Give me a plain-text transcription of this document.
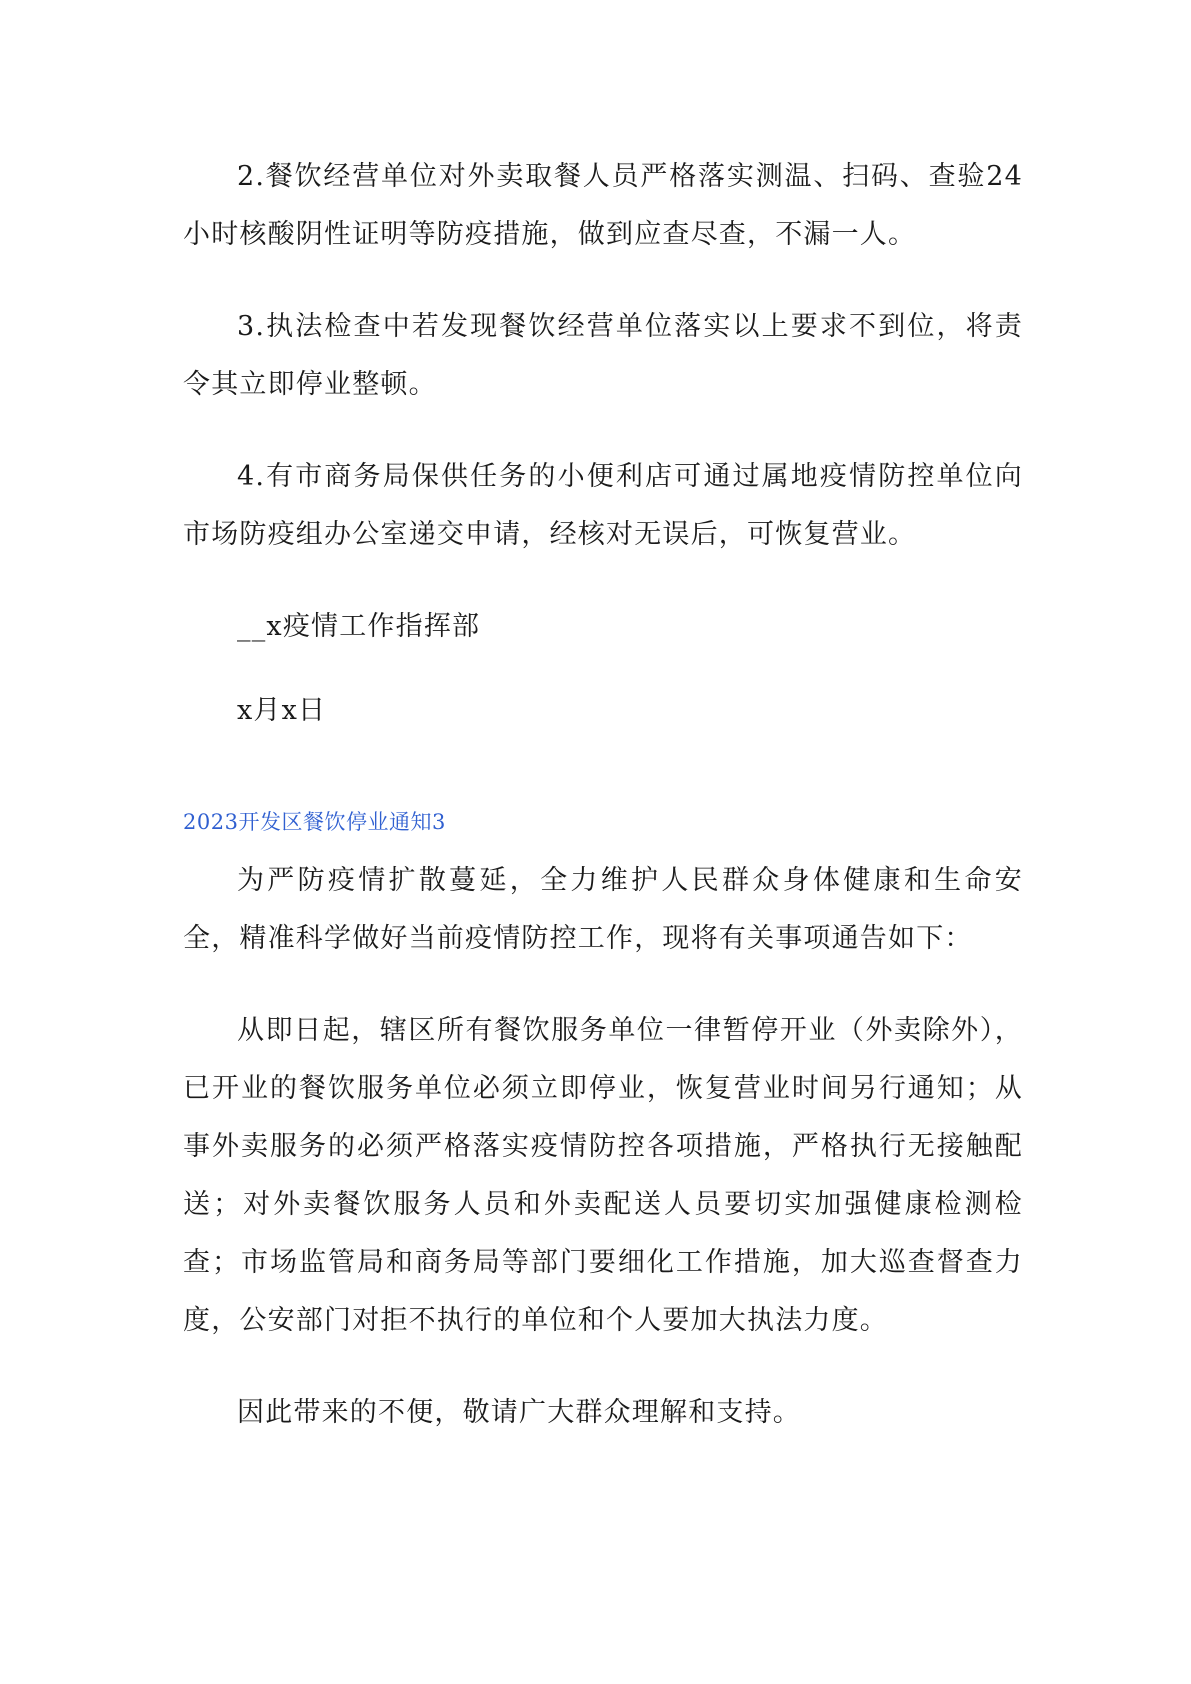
2.餐饮经营单位对外卖取餐人员严格落实测温、扫码、查验24小时核酸阴性证明等防疫措施，做到应查尽查，不漏一人。

3.执法检查中若发现餐饮经营单位落实以上要求不到位，将责令其立即停业整顿。

4.有市商务局保供任务的小便利店可通过属地疫情防控单位向市场防疫组办公室递交申请，经核对无误后，可恢复营业。

__x疫情工作指挥部

x月x日

2023开发区餐饮停业通知3

为严防疫情扩散蔓延，全力维护人民群众身体健康和生命安全，精准科学做好当前疫情防控工作，现将有关事项通告如下：

从即日起，辖区所有餐饮服务单位一律暂停开业（外卖除外），已开业的餐饮服务单位必须立即停业，恢复营业时间另行通知；从事外卖服务的必须严格落实疫情防控各项措施，严格执行无接触配送；对外卖餐饮服务人员和外卖配送人员要切实加强健康检测检查；市场监管局和商务局等部门要细化工作措施，加大巡查督查力度，公安部门对拒不执行的单位和个人要加大执法力度。

因此带来的不便，敬请广大群众理解和支持。
